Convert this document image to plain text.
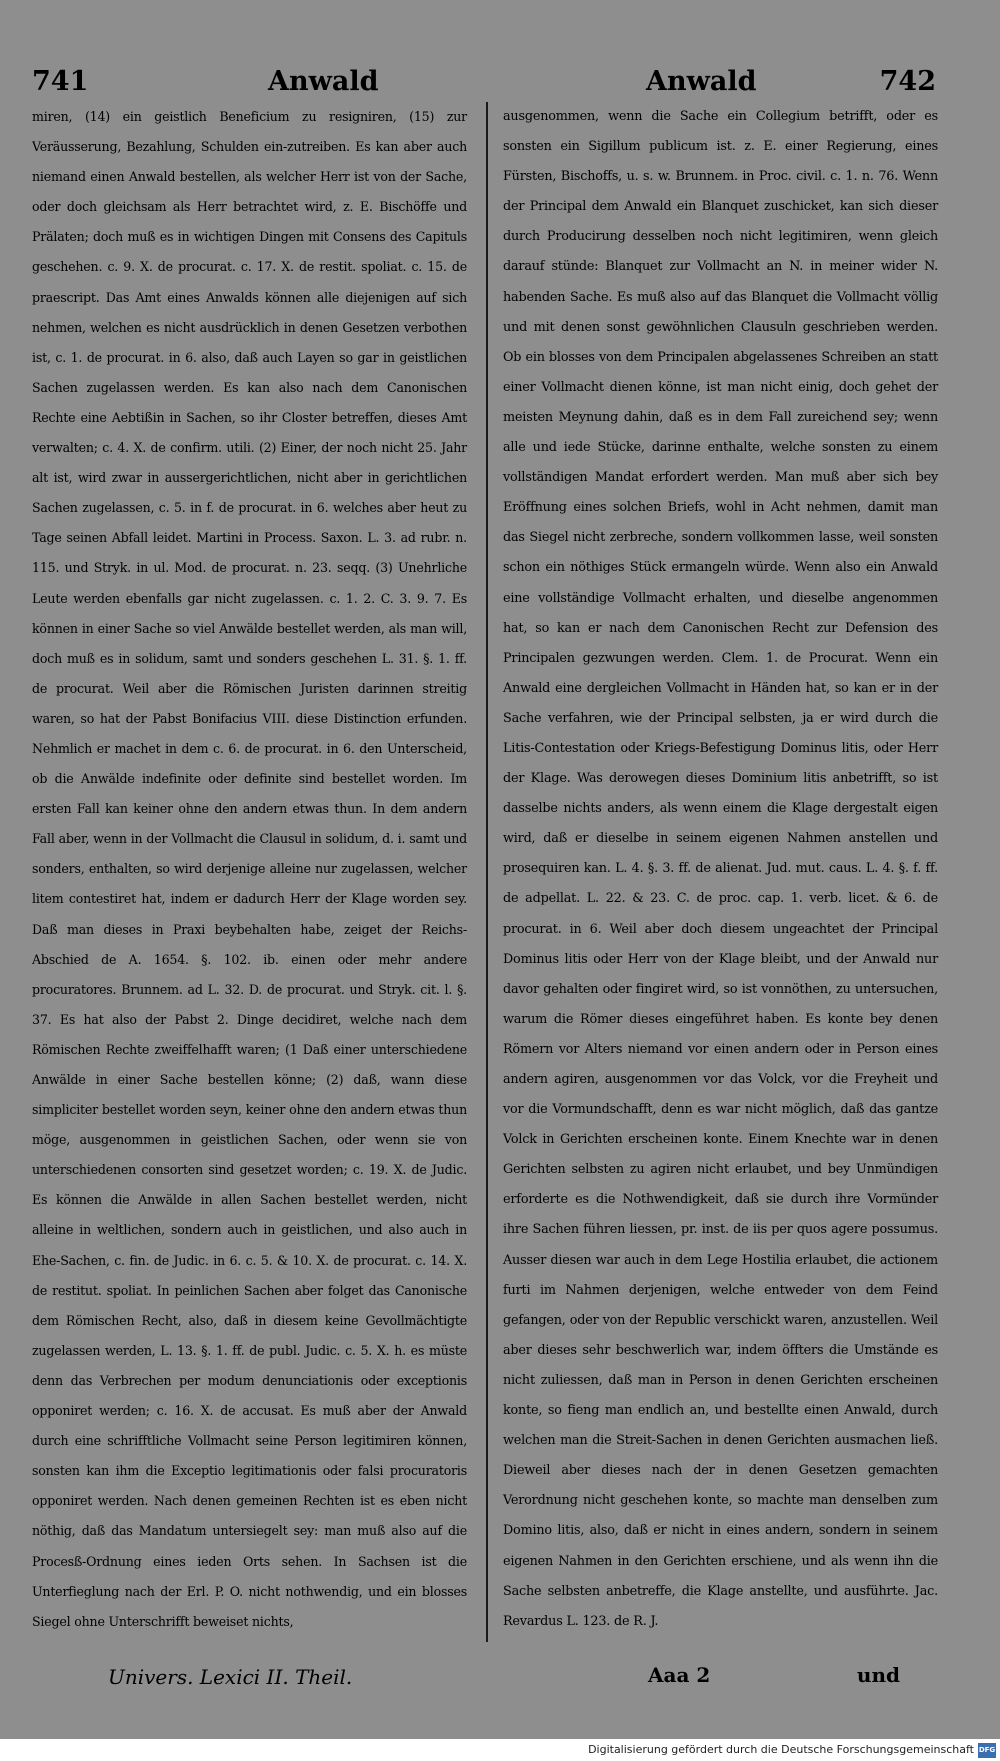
741	Anwald	Anwald	742

miren, (14) ein geistlich Beneficium zu resigniren, (15) zur Veräusserung, Bezahlung, Schulden ein-zutreiben. Es kan aber auch niemand einen Anwald bestellen, als welcher Herr ist von der Sache, oder doch gleichsam als Herr betrachtet wird, z. E. Bischöffe und Prälaten; doch muß es in wichtigen Dingen mit Consens des Capituls geschehen. c. 9. X. de procurat. c. 17. X. de restit. spoliat. c. 15. de praescript. Das Amt eines Anwalds können alle diejenigen auf sich nehmen, welchen es nicht ausdrücklich in denen Gesetzen verbothen ist, c. 1. de procurat. in 6. also, daß auch Layen so gar in geistlichen Sachen zugelassen werden. Es kan also nach dem Canonischen Rechte eine Aebtißin in Sachen, so ihr Closter betreffen, dieses Amt verwalten; c. 4. X. de confirm. utili. (2) Einer, der noch nicht 25. Jahr alt ist, wird zwar in aussergerichtlichen, nicht aber in gerichtlichen Sachen zugelassen, c. 5. in f. de procurat. in 6. welches aber heut zu Tage seinen Abfall leidet. Martini in Process. Saxon. L. 3. ad rubr. n. 115. und Stryk. in ul. Mod. de procurat. n. 23. seqq. (3) Unehrliche Leute werden ebenfalls gar nicht zugelassen. c. 1. 2. C. 3. 9. 7. Es können in einer Sache so viel Anwälde bestellet werden, als man will, doch muß es in solidum, samt und sonders geschehen L. 31. §. 1. ff. de procurat. Weil aber die Römischen Juristen darinnen streitig waren, so hat der Pabst Bonifacius VIII. diese Distinction erfunden. Nehmlich er machet in dem c. 6. de procurat. in 6. den Unterscheid, ob die Anwälde indefinite oder definite sind bestellet worden. Im ersten Fall kan keiner ohne den andern etwas thun. In dem andern Fall aber, wenn in der Vollmacht die Clausul in solidum, d. i. samt und sonders, enthalten, so wird derjenige alleine nur zugelassen, welcher litem contestiret hat, indem er dadurch Herr der Klage worden sey. Daß man dieses in Praxi beybehalten habe, zeiget der Reichs-Abschied de A. 1654. §. 102. ib. einen oder mehr andere procuratores. Brunnem. ad L. 32. D. de procurat. und Stryk. cit. l. §. 37. Es hat also der Pabst 2. Dinge decidiret, welche nach dem Römischen Rechte zweiffelhafft waren; (1 Daß einer unterschiedene Anwälde in einer Sache bestellen könne; (2) daß, wann diese simpliciter bestellet worden seyn, keiner ohne den andern etwas thun möge, ausgenommen in geistlichen Sachen, oder wenn sie von unterschiedenen consorten sind gesetzet worden; c. 19. X. de Judic. Es können die Anwälde in allen Sachen bestellet werden, nicht alleine in weltlichen, sondern auch in geistlichen, und also auch in Ehe-Sachen, c. fin. de Judic. in 6. c. 5. & 10. X. de procurat. c. 14. X. de restitut. spoliat. In peinlichen Sachen aber folget das Canonische dem Römischen Recht, also, daß in diesem keine Gevollmächtigte zugelassen werden, L. 13. §. 1. ff. de publ. Judic. c. 5. X. h. es müste denn das Verbrechen per modum denunciationis oder exceptionis opponiret werden; c. 16. X. de accusat. Es muß aber der Anwald durch eine schrifftliche Vollmacht seine Person legitimiren können, sonsten kan ihm die Exceptio legitimationis oder falsi procuratoris opponiret werden. Nach denen gemeinen Rechten ist es eben nicht nöthig, daß das Mandatum untersiegelt sey: man muß also auf die Procesß-Ordnung eines ieden Orts sehen. In Sachsen ist die Unterfieglung nach der Erl. P. O. nicht nothwendig, und ein blosses Siegel ohne Unterschrifft beweiset nichts,

ausgenommen, wenn die Sache ein Collegium betrifft, oder es sonsten ein Sigillum publicum ist. z. E. einer Regierung, eines Fürsten, Bischoffs, u. s. w. Brunnem. in Proc. civil. c. 1. n. 76. Wenn der Principal dem Anwald ein Blanquet zuschicket, kan sich dieser durch Producirung desselben noch nicht legitimiren, wenn gleich darauf stünde: Blanquet zur Vollmacht an N. in meiner wider N. habenden Sache. Es muß also auf das Blanquet die Vollmacht völlig und mit denen sonst gewöhnlichen Clausuln geschrieben werden. Ob ein blosses von dem Principalen abgelassenes Schreiben an statt einer Vollmacht dienen könne, ist man nicht einig, doch gehet der meisten Meynung dahin, daß es in dem Fall zureichend sey; wenn alle und iede Stücke, darinne enthalte, welche sonsten zu einem vollständigen Mandat erfordert werden. Man muß aber sich bey Eröffnung eines solchen Briefs, wohl in Acht nehmen, damit man das Siegel nicht zerbreche, sondern vollkommen lasse, weil sonsten schon ein nöthiges Stück ermangeln würde. Wenn also ein Anwald eine vollständige Vollmacht erhalten, und dieselbe angenommen hat, so kan er nach dem Canonischen Recht zur Defension des Principalen gezwungen werden. Clem. 1. de Procurat. Wenn ein Anwald eine dergleichen Vollmacht in Händen hat, so kan er in der Sache verfahren, wie der Principal selbsten, ja er wird durch die Litis-Contestation oder Kriegs-Befestigung Dominus litis, oder Herr der Klage. Was derowegen dieses Dominium litis anbetrifft, so ist dasselbe nichts anders, als wenn einem die Klage dergestalt eigen wird, daß er dieselbe in seinem eigenen Nahmen anstellen und prosequiren kan. L. 4. §. 3. ff. de alienat. Jud. mut. caus. L. 4. §. f. ff. de adpellat. L. 22. & 23. C. de proc. cap. 1. verb. licet. & 6. de procurat. in 6. Weil aber doch diesem ungeachtet der Principal Dominus litis oder Herr von der Klage bleibt, und der Anwald nur davor gehalten oder fingiret wird, so ist vonnöthen, zu untersuchen, warum die Römer dieses eingeführet haben. Es konte bey denen Römern vor Alters niemand vor einen andern oder in Person eines andern agiren, ausgenommen vor das Volck, vor die Freyheit und vor die Vormundschafft, denn es war nicht möglich, daß das gantze Volck in Gerichten erscheinen konte. Einem Knechte war in denen Gerichten selbsten zu agiren nicht erlaubet, und bey Unmündigen erforderte es die Nothwendigkeit, daß sie durch ihre Vormünder ihre Sachen führen liessen, pr. inst. de iis per quos agere possumus. Ausser diesen war auch in dem Lege Hostilia erlaubet, die actionem furti im Nahmen derjenigen, welche entweder von dem Feind gefangen, oder von der Republic verschickt waren, anzustellen. Weil aber dieses sehr beschwerlich war, indem öffters die Umstände es nicht zuliessen, daß man in Person in denen Gerichten erscheinen konte, so fieng man endlich an, und bestellte einen Anwald, durch welchen man die Streit-Sachen in denen Gerichten ausmachen ließ. Dieweil aber dieses nach der in denen Gesetzen gemachten Verordnung nicht geschehen konte, so machte man denselben zum Domino litis, also, daß er nicht in eines andern, sondern in seinem eigenen Nahmen in den Gerichten erschiene, und als wenn ihn die Sache selbsten anbetreffe, die Klage anstellte, und ausführte. Jac. Revardus L. 123. de R. J.

Univers. Lexici II. Theil.	Aaa 2	und
Digitalisierung gefördert durch die Deutsche Forschungsgemeinschaft DFG
